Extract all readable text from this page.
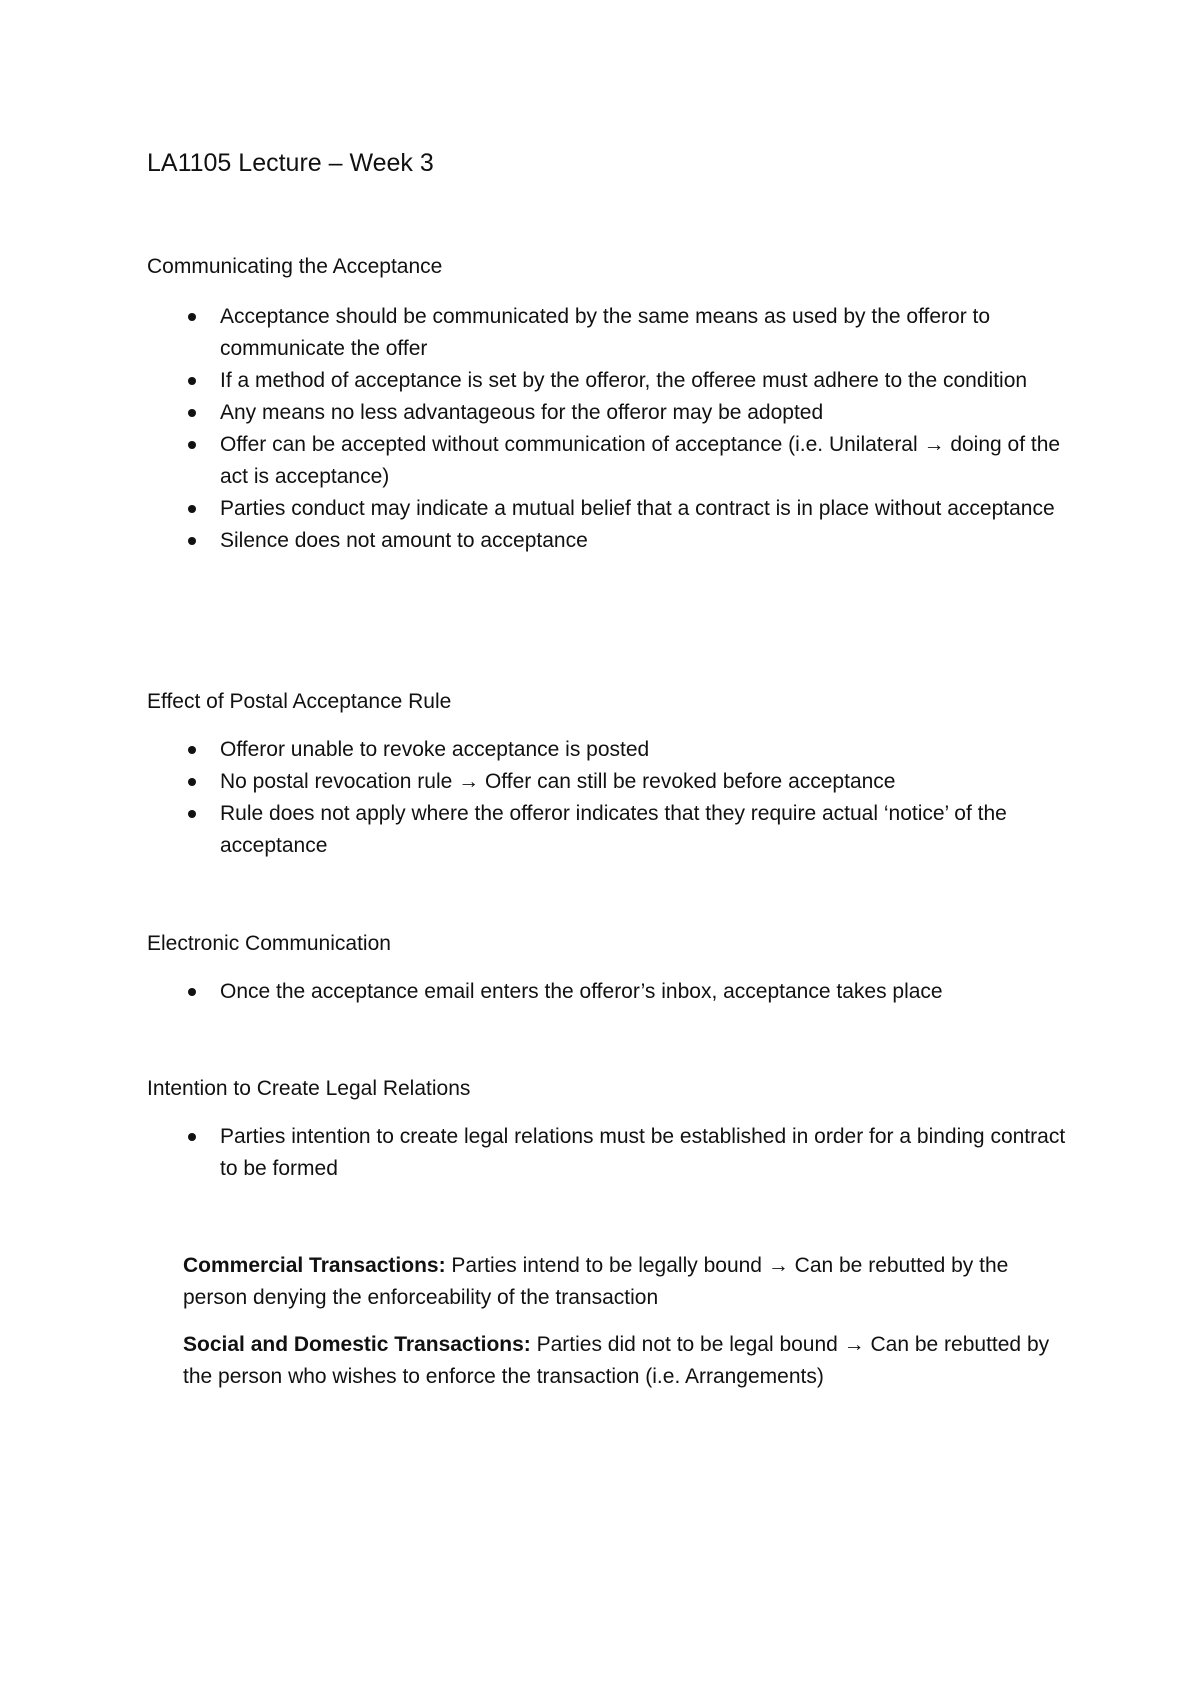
LA1105 Lecture – Week 3
Communicating the Acceptance
Acceptance should be communicated by the same means as used by the offeror to communicate the offer
If a method of acceptance is set by the offeror, the offeree must adhere to the condition
Any means no less advantageous for the offeror may be adopted
Offer can be accepted without communication of acceptance (i.e. Unilateral → doing of the act is acceptance)
Parties conduct may indicate a mutual belief that a contract is in place without acceptance
Silence does not amount to acceptance
Effect of Postal Acceptance Rule
Offeror unable to revoke acceptance is posted
No postal revocation rule → Offer can still be revoked before acceptance
Rule does not apply where the offeror indicates that they require actual ‘notice’ of the acceptance
Electronic Communication
Once the acceptance email enters the offeror’s inbox, acceptance takes place
Intention to Create Legal Relations
Parties intention to create legal relations must be established in order for a binding contract to be formed

Commercial Transactions: Parties intend to be legally bound → Can be rebutted by the person denying the enforceability of the transaction

Social and Domestic Transactions: Parties did not to be legal bound → Can be rebutted by the person who wishes to enforce the transaction (i.e. Arrangements)
